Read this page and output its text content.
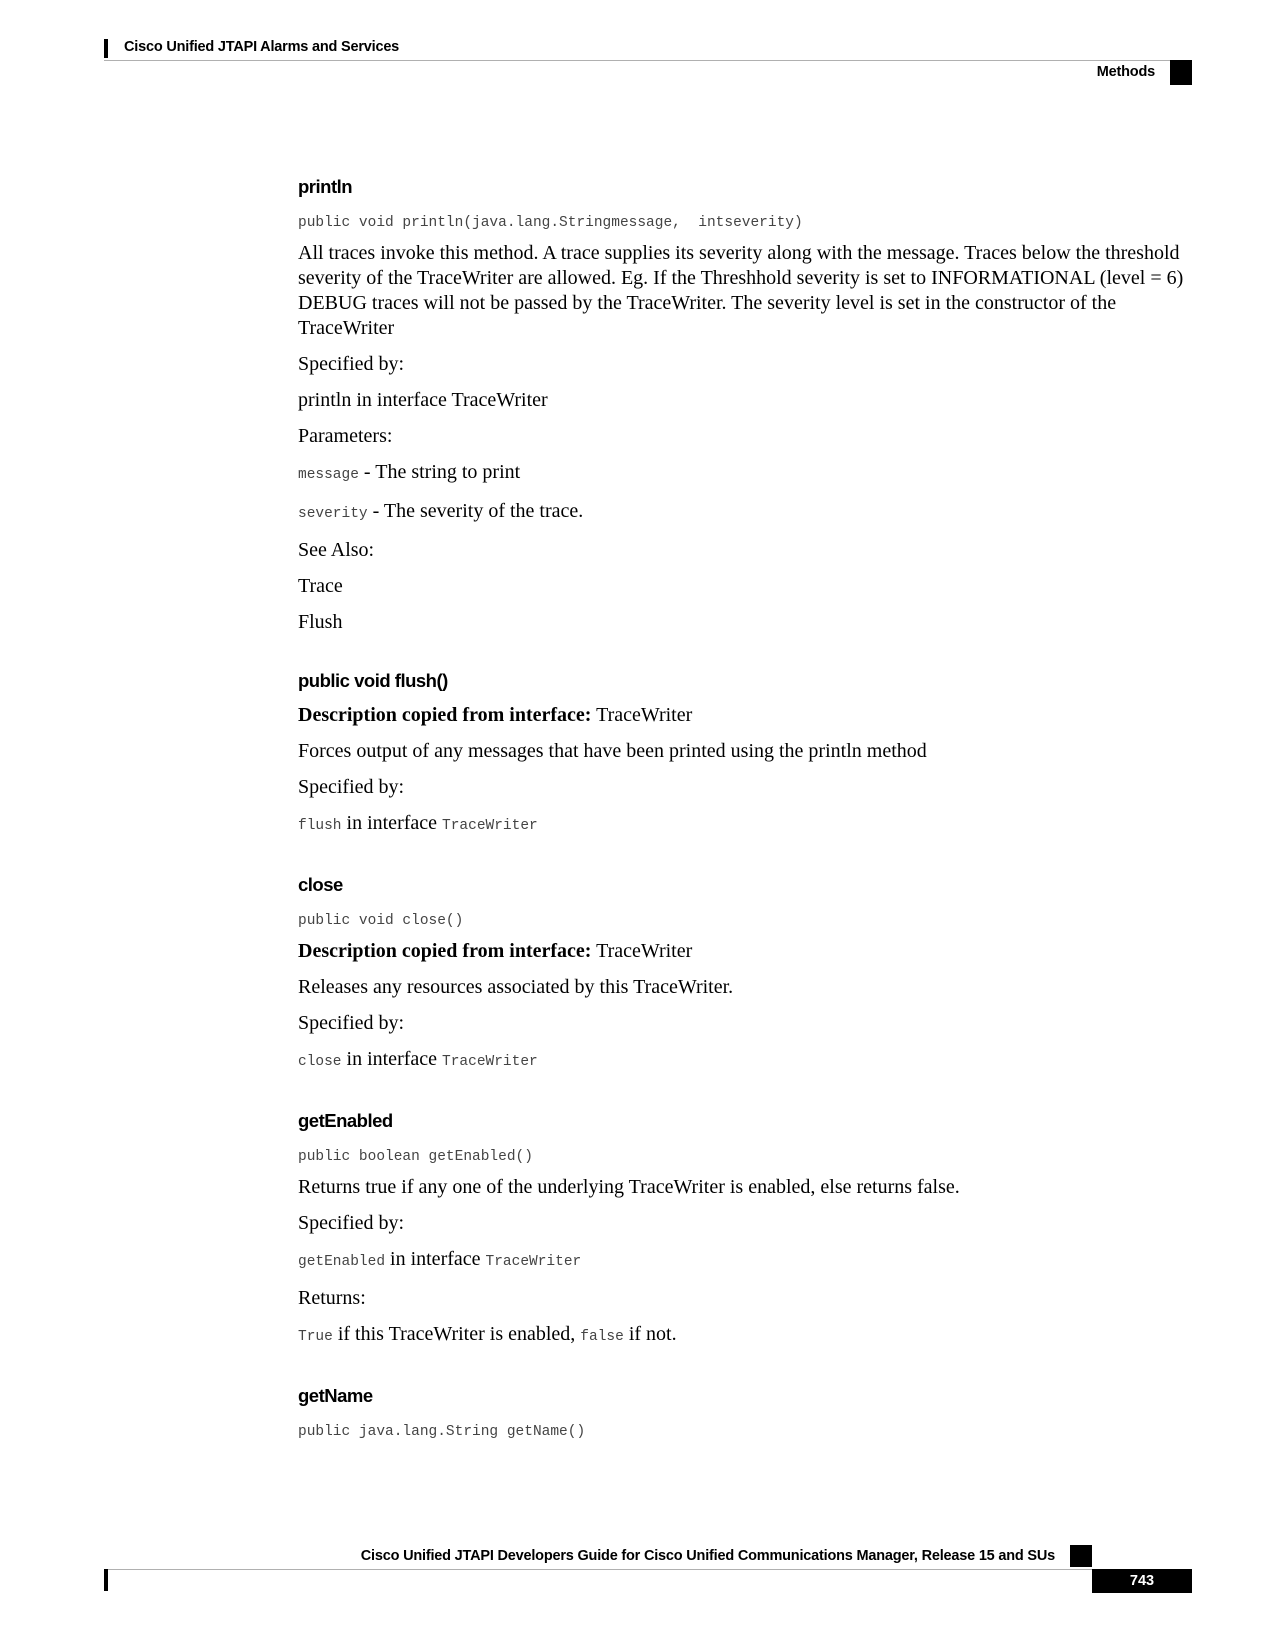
Cisco Unified JTAPI Alarms and Services
Methods
println
public void println(java.lang.Stringmessage,  intseverity)

All traces invoke this method. A trace supplies its severity along with the message. Traces below the threshold severity of the TraceWriter are allowed. Eg. If the Threshhold severity is set to INFORMATIONAL (level = 6) DEBUG traces will not be passed by the TraceWriter. The severity level is set in the constructor of the TraceWriter

Specified by:

println in interface TraceWriter

Parameters:

message - The string to print

severity - The severity of the trace.

See Also:

Trace

Flush

public void flush()

Description copied from interface: TraceWriter

Forces output of any messages that have been printed using the println method

Specified by:

flush in interface TraceWriter

close
public void close()

Description copied from interface: TraceWriter

Releases any resources associated by this TraceWriter.

Specified by:

close in interface TraceWriter

getEnabled
public boolean getEnabled()

Returns true if any one of the underlying TraceWriter is enabled, else returns false.

Specified by:

getEnabled in interface TraceWriter

Returns:

True if this TraceWriter is enabled, false if not.

getName
public java.lang.String getName()
Cisco Unified JTAPI Developers Guide for Cisco Unified Communications Manager, Release 15 and SUs
743
